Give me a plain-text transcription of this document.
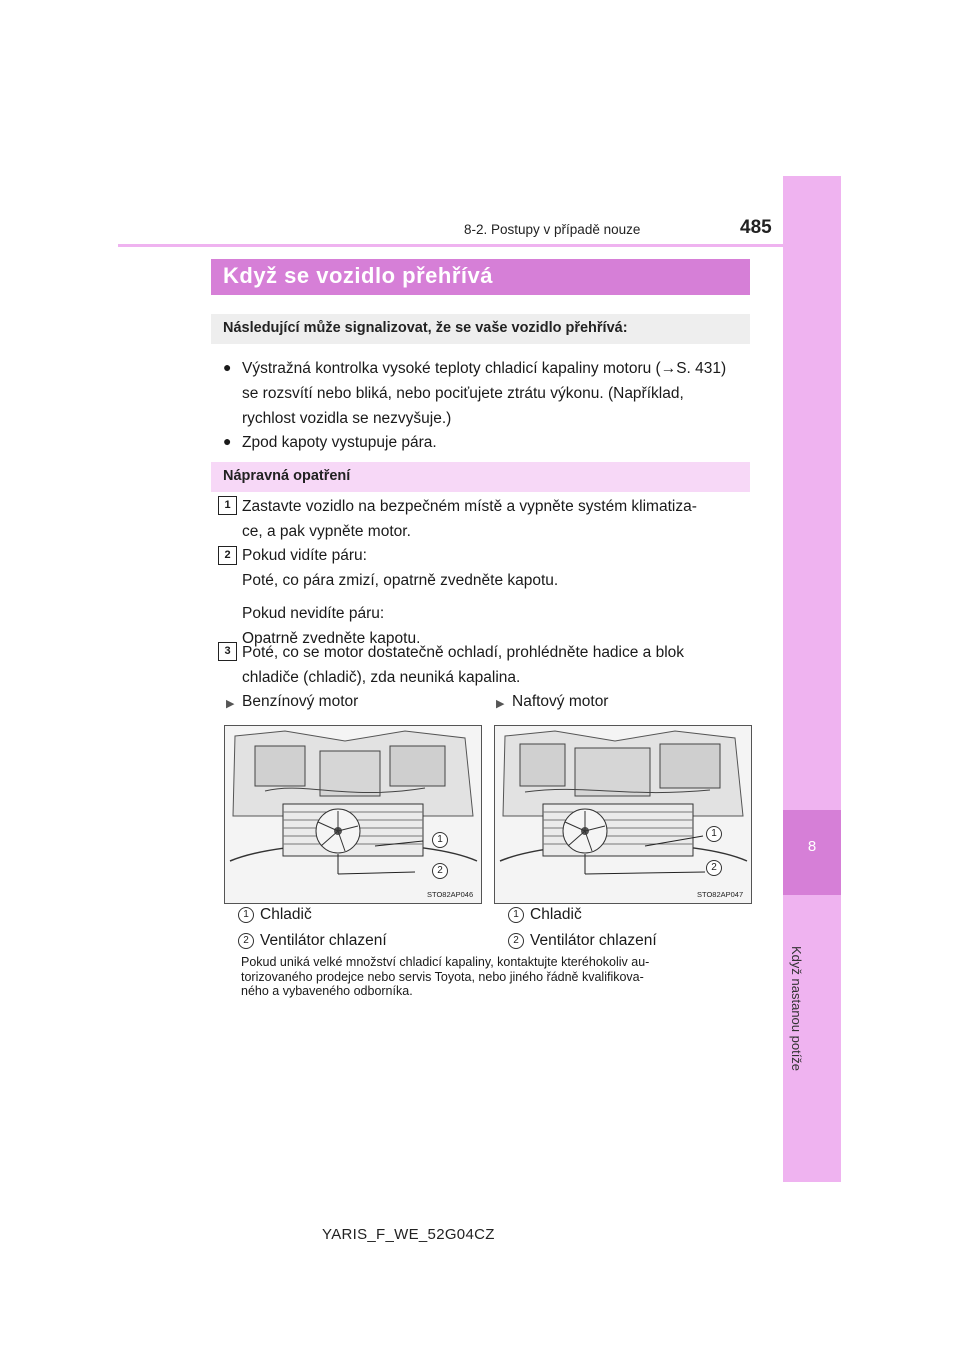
8
Když nastanou potíže
8-2. Postupy v případě nouze	485
Když se vozidlo přehřívá
Následující může signalizovat, že se vaše vozidlo přehřívá:
● Výstražná kontrolka vysoké teploty chladicí kapaliny motoru (→S. 431)
se rozsvítí nebo bliká, nebo pociťujete ztrátu výkonu. (Například,
rychlost vozidla se nezvyšuje.)
● Zpod kapoty vystupuje pára.
Nápravná opatření
1 Zastavte vozidlo na bezpečném místě a vypněte systém klimatiza-
ce, a pak vypněte motor.
2 Pokud vidíte páru:
Poté, co pára zmizí, opatrně zvedněte kapotu.
Pokud nevidíte páru:
Opatrně zvedněte kapotu.
3 Poté, co se motor dostatečně ochladí, prohlédněte hadice a blok
chladiče (chladič), zda neuniká kapalina.
▶ Benzínový motor	▶ Naftový motor
1
2
STO82AP046
1
2
STO82AP047
1 Chladič
2 Ventilátor chlazení
1 Chladič
2 Ventilátor chlazení
Pokud uniká velké množství chladicí kapaliny, kontaktujte kteréhokoliv au-
torizovaného prodejce nebo servis Toyota, nebo jiného řádně kvalifikova-
ného a vybaveného odborníka.
YARIS_F_WE_52G04CZ
